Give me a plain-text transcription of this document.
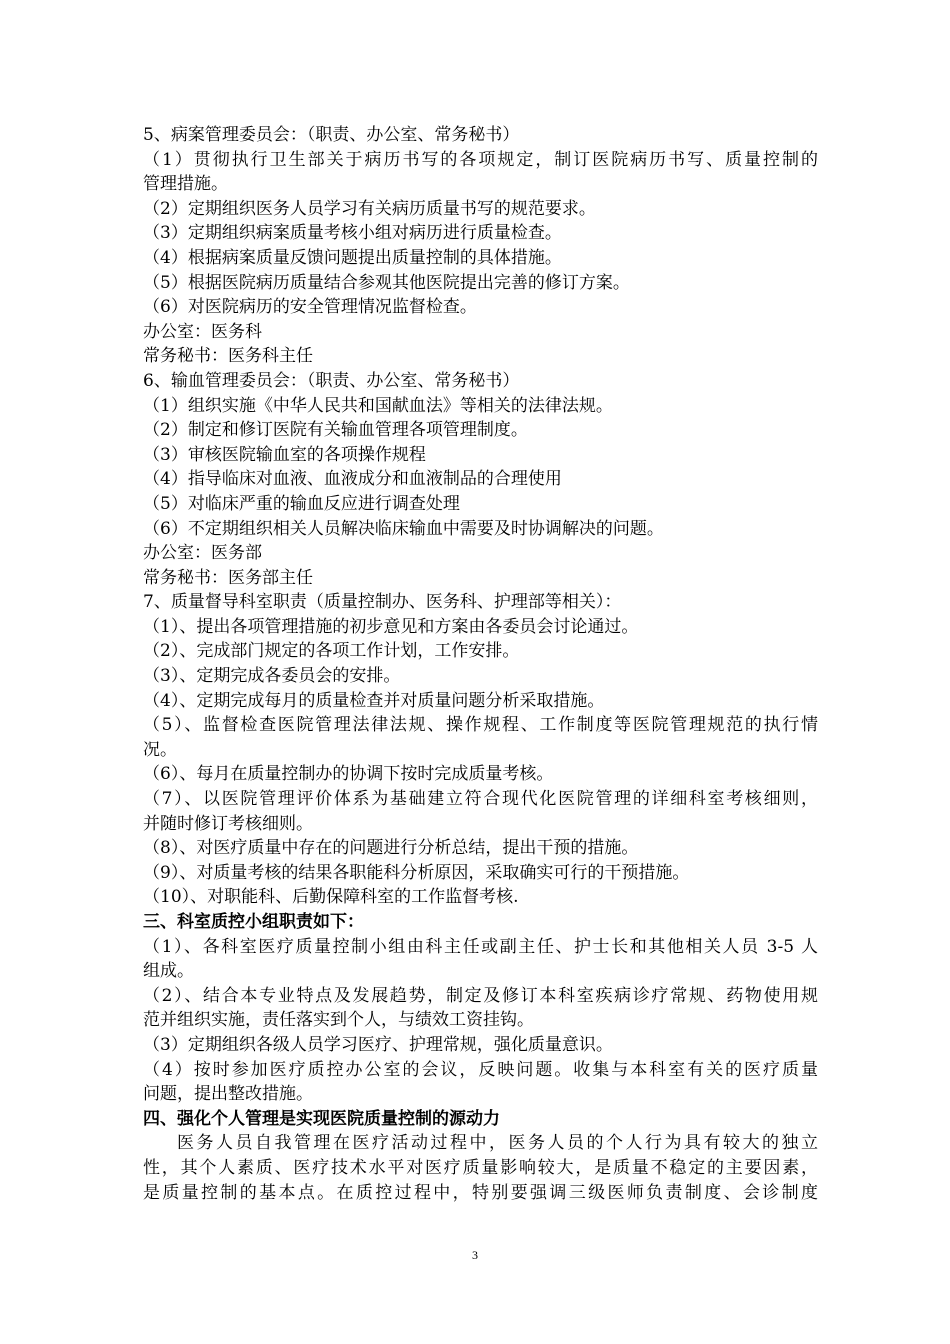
5、病案管理委员会：（职责、办公室、常务秘书）
（1）贯彻执行卫生部关于病历书写的各项规定，制订医院病历书写、质量控制的
管理措施。
（2）定期组织医务人员学习有关病历质量书写的规范要求。
（3）定期组织病案质量考核小组对病历进行质量检查。
（4）根据病案质量反馈问题提出质量控制的具体措施。
（5）根据医院病历质量结合参观其他医院提出完善的修订方案。
（6）对医院病历的安全管理情况监督检查。
办公室：医务科
常务秘书：医务科主任
6、输血管理委员会：（职责、办公室、常务秘书）
（1）组织实施《中华人民共和国献血法》等相关的法律法规。
（2）制定和修订医院有关输血管理各项管理制度。
（3）审核医院输血室的各项操作规程
（4）指导临床对血液、血液成分和血液制品的合理使用
（5）对临床严重的输血反应进行调查处理
（6）不定期组织相关人员解决临床输血中需要及时协调解决的问题。
办公室：医务部
常务秘书：医务部主任
7、质量督导科室职责（质量控制办、医务科、护理部等相关）：
（1）、提出各项管理措施的初步意见和方案由各委员会讨论通过。
（2）、完成部门规定的各项工作计划，工作安排。
（3）、定期完成各委员会的安排。
（4）、定期完成每月的质量检查并对质量问题分析采取措施。
（5）、监督检查医院管理法律法规、操作规程、工作制度等医院管理规范的执行情
况。
（6）、每月在质量控制办的协调下按时完成质量考核。
（7）、以医院管理评价体系为基础建立符合现代化医院管理的详细科室考核细则，
并随时修订考核细则。
（8）、对医疗质量中存在的问题进行分析总结，提出干预的措施。
（9）、对质量考核的结果各职能科分析原因，采取确实可行的干预措施。
（10）、对职能科、后勤保障科室的工作监督考核.
三、科室质控小组职责如下：
（1）、各科室医疗质量控制小组由科主任或副主任、护士长和其他相关人员 3-5 人
组成。
（2）、结合本专业特点及发展趋势，制定及修订本科室疾病诊疗常规、药物使用规
范并组织实施，责任落实到个人，与绩效工资挂钩。
（3）定期组织各级人员学习医疗、护理常规，强化质量意识。
（4）按时参加医疗质控办公室的会议，反映问题。收集与本科室有关的医疗质量
问题，提出整改措施。
四、强化个人管理是实现医院质量控制的源动力
医务人员自我管理在医疗活动过程中，医务人员的个人行为具有较大的独立
性，其个人素质、医疗技术水平对医疗质量影响较大，是质量不稳定的主要因素，
是质量控制的基本点。在质控过程中，特别要强调三级医师负责制度、会诊制度
3
